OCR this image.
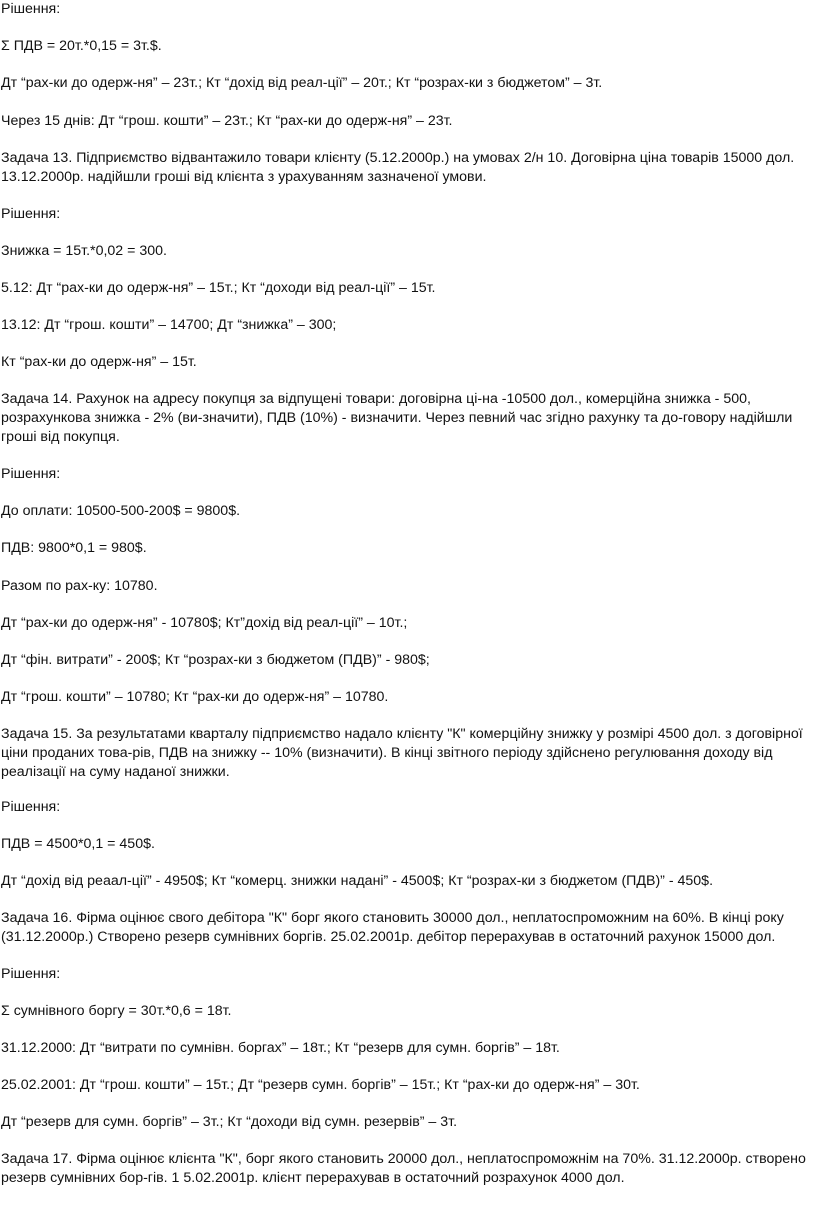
Рішення:

Σ ПДВ = 20т.*0,15 = 3т.$.

Дт “рах-ки до одерж-ня” – 23т.; Кт “дохід від реал-ції” – 20т.; Кт “розрах-ки з бюджетом” – 3т.

Через 15 днів: Дт “грош. кошти” – 23т.; Кт “рах-ки до одерж-ня” – 23т.

Задача 13. Підприємство відвантажило товари клієнту (5.12.2000р.) на умовах 2/н 10. Договірна ціна товарів 15000 дол. 13.12.2000р. надійшли гроші від клієнта з урахуванням зазначеної умови.

Рішення:

Знижка = 15т.*0,02 = 300.

5.12: Дт “рах-ки до одерж-ня” – 15т.; Кт “доходи від реал-ції” – 15т.

13.12: Дт “грош. кошти” – 14700; Дт “знижка” – 300;

Кт “рах-ки до одерж-ня” – 15т.

Задача 14. Рахунок на адресу покупця за відпущені товари: договірна ці-на -10500 дол., комерційна знижка - 500, розрахункова знижка - 2% (ви-значити), ПДВ (10%) - визначити. Через певний час згідно рахунку та до-говору надійшли гроші від покупця.

Рішення:

До оплати: 10500-500-200$ = 9800$.

ПДВ: 9800*0,1 = 980$.

Разом по рах-ку: 10780.

Дт “рах-ки до одерж-ня” - 10780$; Кт”дохід від реал-ції” – 10т.;

Дт “фін. витрати” - 200$; Кт “розрах-ки з бюджетом (ПДВ)” - 980$;

Дт “грош. кошти” – 10780; Кт “рах-ки до одерж-ня” – 10780.

Задача 15. За результатами кварталу підприємство надало клієнту "К" комерційну знижку у розмірі 4500 дол. з договірної ціни проданих това-рів, ПДВ на знижку -- 10% (визначити). В кінці звітного періоду здійснено регулювання доходу від реалізації на суму наданої знижки.

Рішення:

ПДВ = 4500*0,1 = 450$.

Дт “дохід від реаал-ції” - 4950$; Кт “комерц. знижки надані” - 4500$; Кт “розрах-ки з бюджетом (ПДВ)” - 450$.

Задача 16. Фірма оцінює свого дебітора "К" борг якого становить 30000 дол., неплатоспроможним на 60%. В кінці року (31.12.2000р.) Створено резерв сумнівних боргів. 25.02.2001р. дебітор перерахував в остаточний рахунок 15000 дол.

Рішення:

Σ сумнівного боргу = 30т.*0,6 = 18т.

31.12.2000: Дт “витрати по сумнівн. боргах” – 18т.; Кт “резерв для сумн. боргів” – 18т.

25.02.2001: Дт “грош. кошти” – 15т.; Дт “резерв сумн. боргів” – 15т.; Кт “рах-ки до одерж-ня” – 30т.

Дт “резерв для сумн. боргів” – 3т.; Кт “доходи від сумн. резервів” – 3т.

Задача 17. Фірма оцінює клієнта "К", борг якого становить 20000 дол., неплатоспроможнім на 70%. 31.12.2000р. створено резерв сумнівних бор-гів. 1 5.02.2001р. клієнт перерахував в остаточний розрахунок 4000 дол.
